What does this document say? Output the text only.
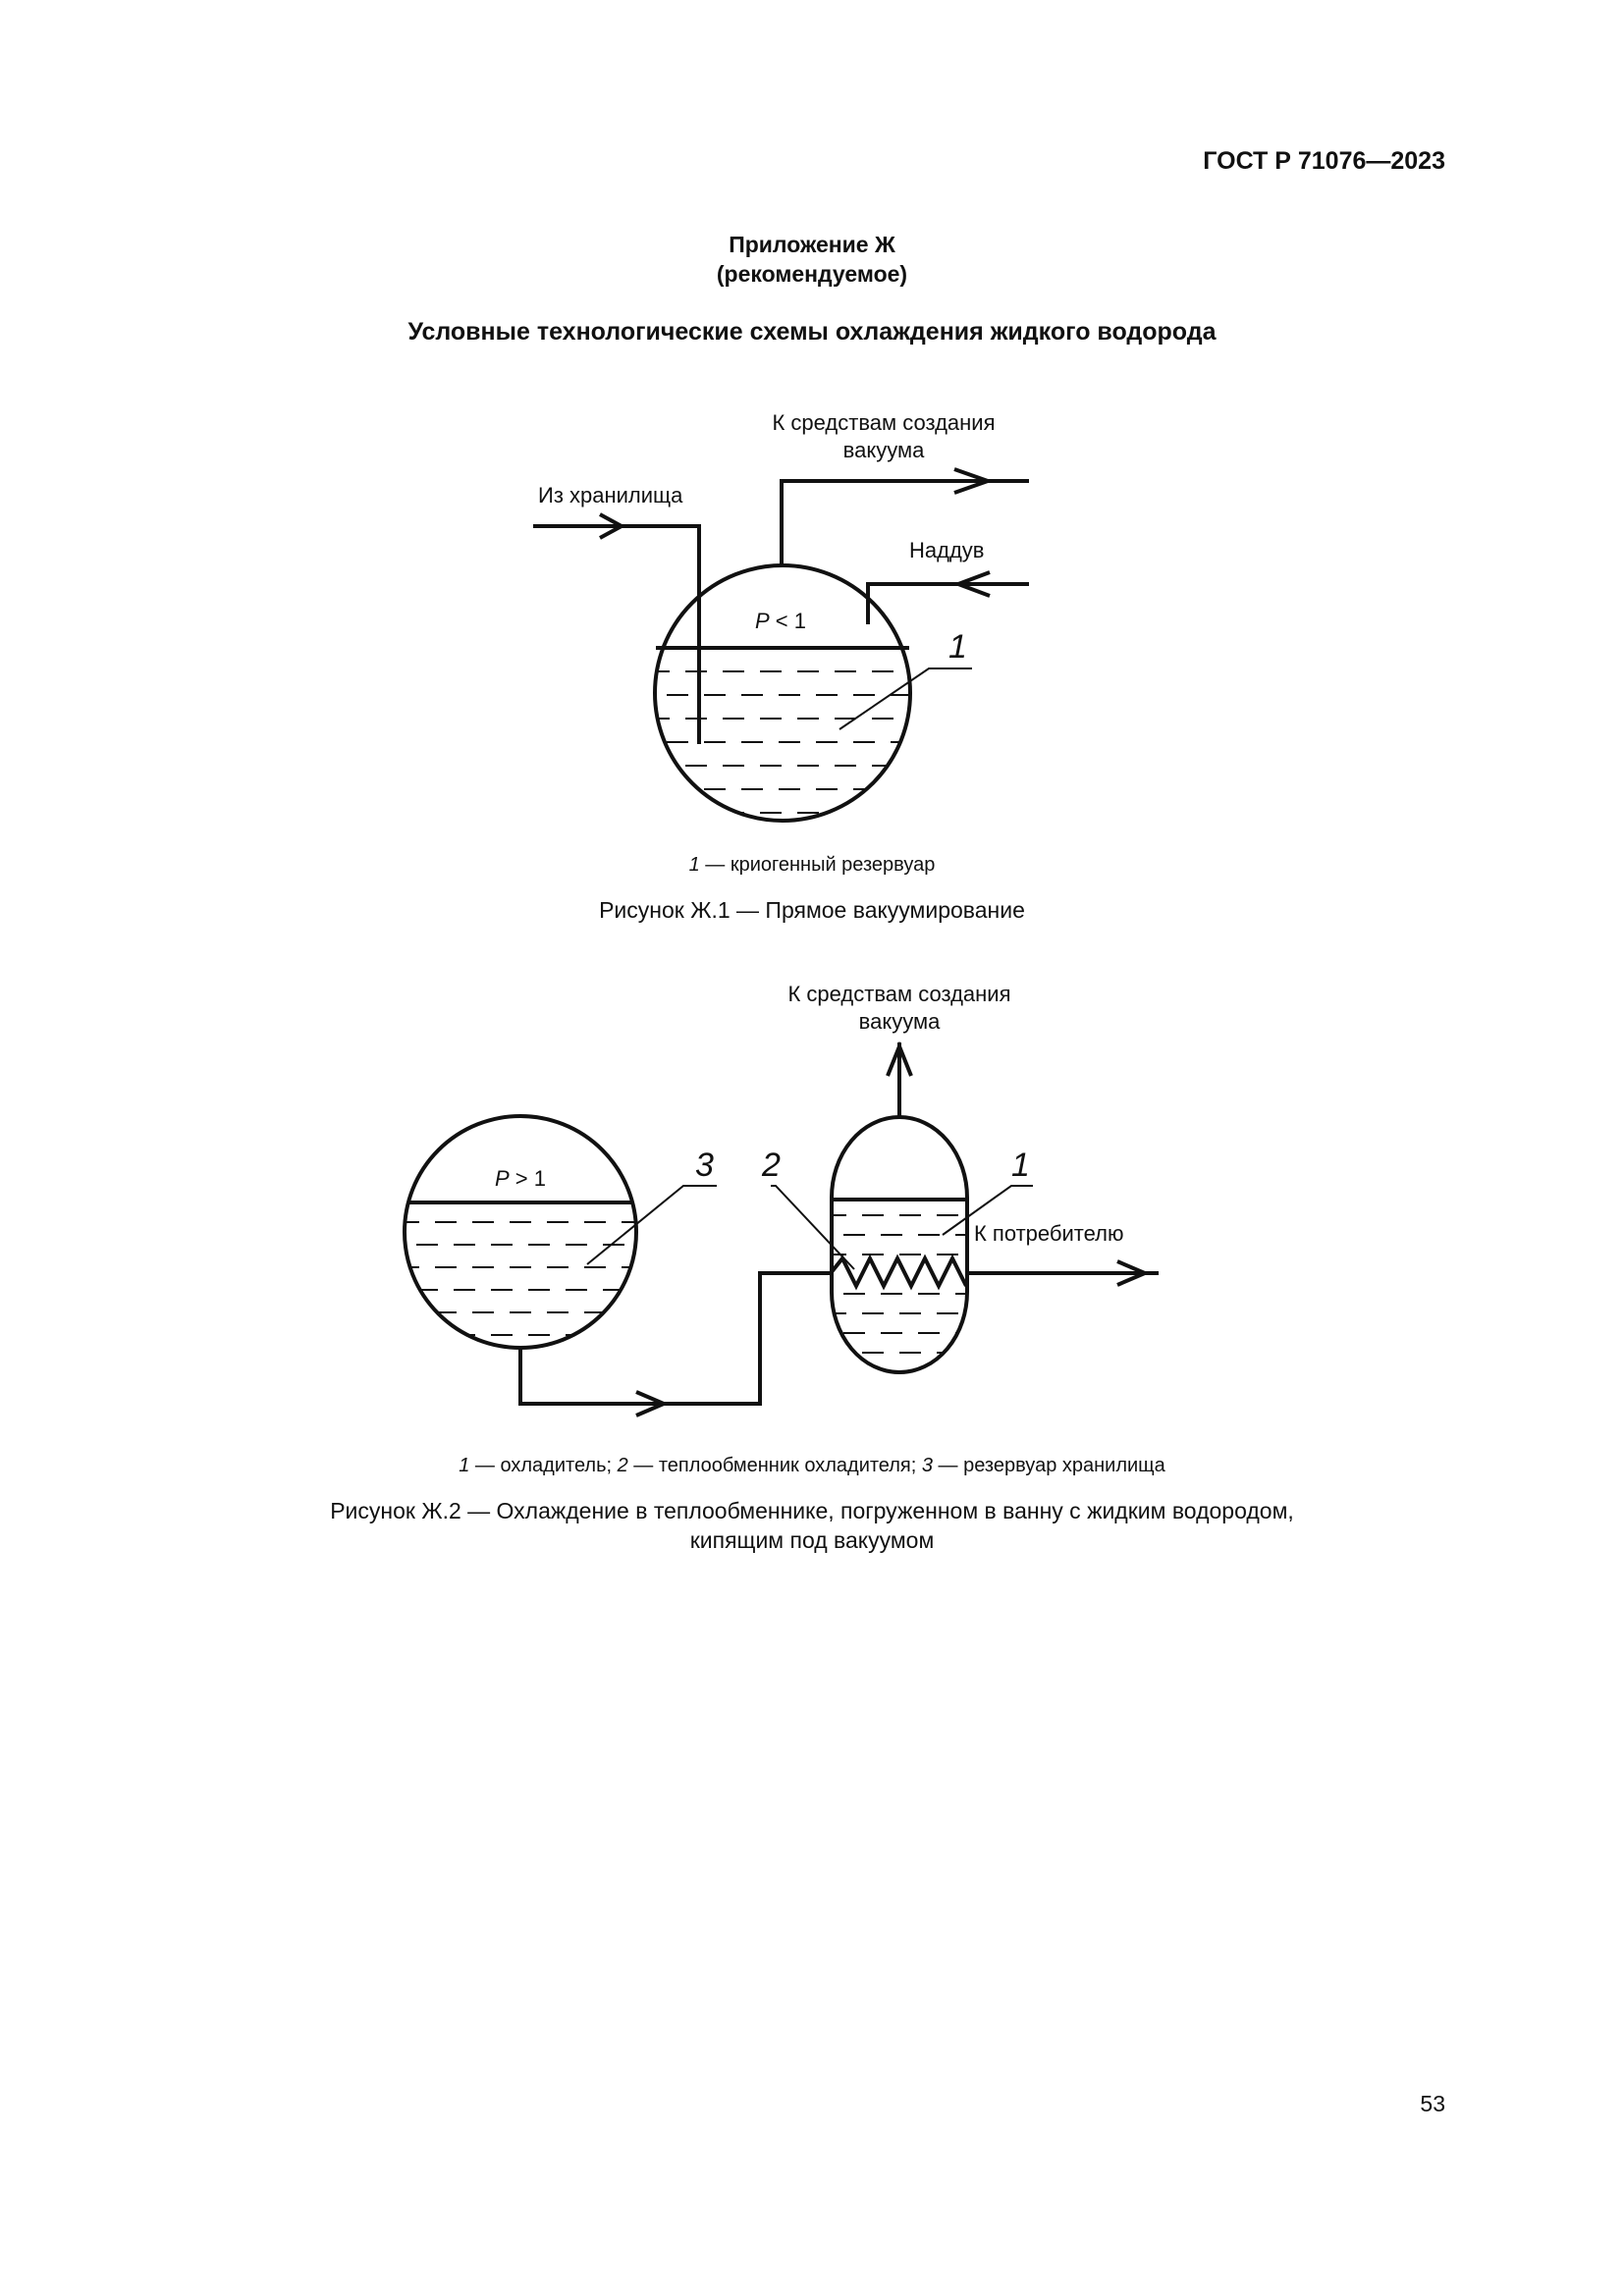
ГОСТ Р 71076—2023
Приложение Ж
(рекомендуемое)
Условные технологические схемы охлаждения жидкого водорода
К средствам создания
вакуума
Из хранилища
Наддув
P < 1
1
1 — криогенный резервуар
Рисунок Ж.1 — Прямое вакуумирование
К средствам создания
вакуума
P > 1	3 2	1
К потребителю
1 — охладитель; 2 — теплообменник охладителя; 3 — резервуар хранилища
Рисунок Ж.2 — Охлаждение в теплообменнике, погруженном в ванну с жидким водородом,
кипящим под вакуумом
53
